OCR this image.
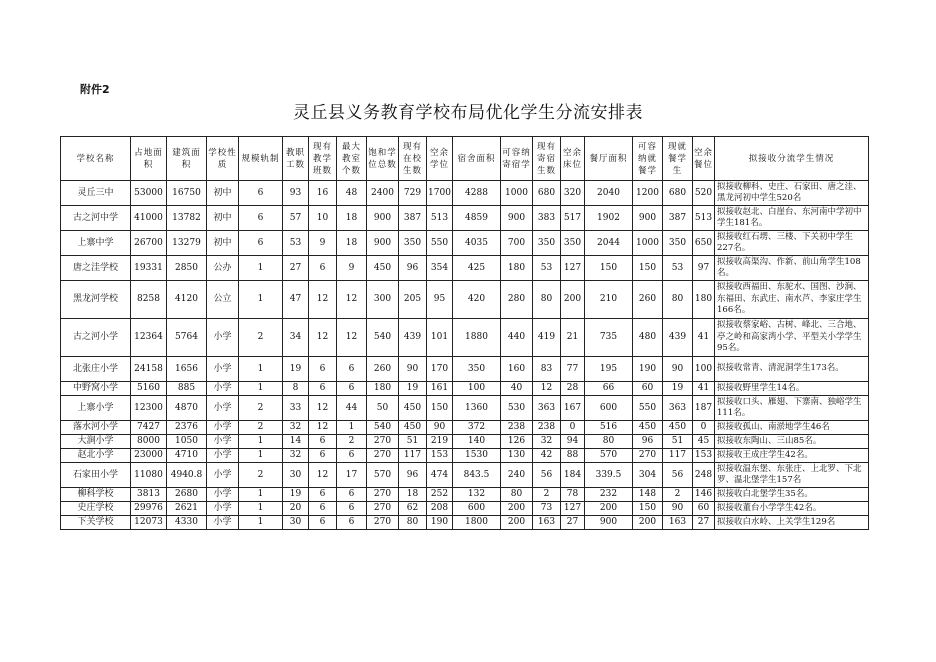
附件2
灵丘县义务教育学校布局优化学生分流安排表
学校名称	占地面积	建筑面积	学校性质	规模轨制	教职工数	现有教学班数	最大教室个数	饱和学位总数	现有在校生数	空余学位	宿舍面积	可容纳寄宿学	现有寄宿生数	空余床位	餐厅面积	可容纳就餐学	现就餐学生	空余餐位	拟接收分流学生情况
灵丘三中	53000	16750	初中	6	93	16	48	2400	729	1700	4288	1000	680	320	2040	1200	680	520	拟接收柳科、史庄、石家田、唐之洼、黑龙河初中学生520名
古之河中学	41000	13782	初中	6	57	10	18	900	387	513	4859	900	383	517	1902	900	387	513	拟接收赵北、白崖台、东河南中学初中学生181名。
上寨中学	26700	13279	初中	6	53	9	18	900	350	550	4035	700	350	350	2044	1000	350	650	拟接收红石塄、三楼、下关初中学生227名。
唐之洼学校	19331	2850	公办	1	27	6	9	450	96	354	425	180	53	127	150	150	53	97	拟接收高渠沟、作新、前山角学生108名。
黑龙河学校	8258	4120	公立	1	47	12	12	300	205	95	420	280	80	200	210	260	80	180	拟接收西福田、东驼水、国图、沙涧、东福田、东武庄、南水芦、李家庄学生166名。
古之河小学	12364	5764	小学	2	34	12	12	540	439	101	1880	440	419	21	735	480	439	41	拟接收蔡家峪、古树、峰北、三合地、亭之岭和高家湾小学、平型关小学学生95名。
北张庄小学	24158	1656	小学	1	19	6	6	260	90	170	350	160	83	77	195	190	90	100	拟接收常青、清泥洞学生173名。
中野窝小学	5160	885	小学	1	8	6	6	180	19	161	100	40	12	28	66	60	19	41	拟接收野里学生14名。
上寨小学	12300	4870	小学	2	33	12	44	50	450	150	1360	530	363	167	600	550	363	187	拟接收口头、雁翅、下寨南、独峪学生111名。
落水河小学	7427	2376	小学	2	32	12	1	540	450	90	372	238	238	0	516	450	450	0	拟接收孤山、南淤地学生46名
大涧小学	8000	1050	小学	1	14	6	2	270	51	219	140	126	32	94	80	96	51	45	拟接收东陶山、三山85名。
赵北小学	23000	4710	小学	1	32	6	6	270	117	153	1530	130	42	88	570	270	117	153	拟接收王成庄学生42名。
石家田小学	11080	4940.8	小学	2	30	12	17	570	96	474	843.5	240	56	184	339.5	304	56	248	拟接收温东堡、东张庄、上北罗、下北罗、温北堡学生157名
柳科学校	3813	2680	小学	1	19	6	6	270	18	252	132	80	2	78	232	148	2	146	拟接收白北堡学生35名。
史庄学校	29976	2621	小学	1	20	6	6	270	62	208	600	200	73	127	200	150	90	60	拟接收董台小学学生42名。
下关学校	12073	4330	小学	1	30	6	6	270	80	190	1800	200	163	27	900	200	163	27	拟接收白水岭、上关学生129名
